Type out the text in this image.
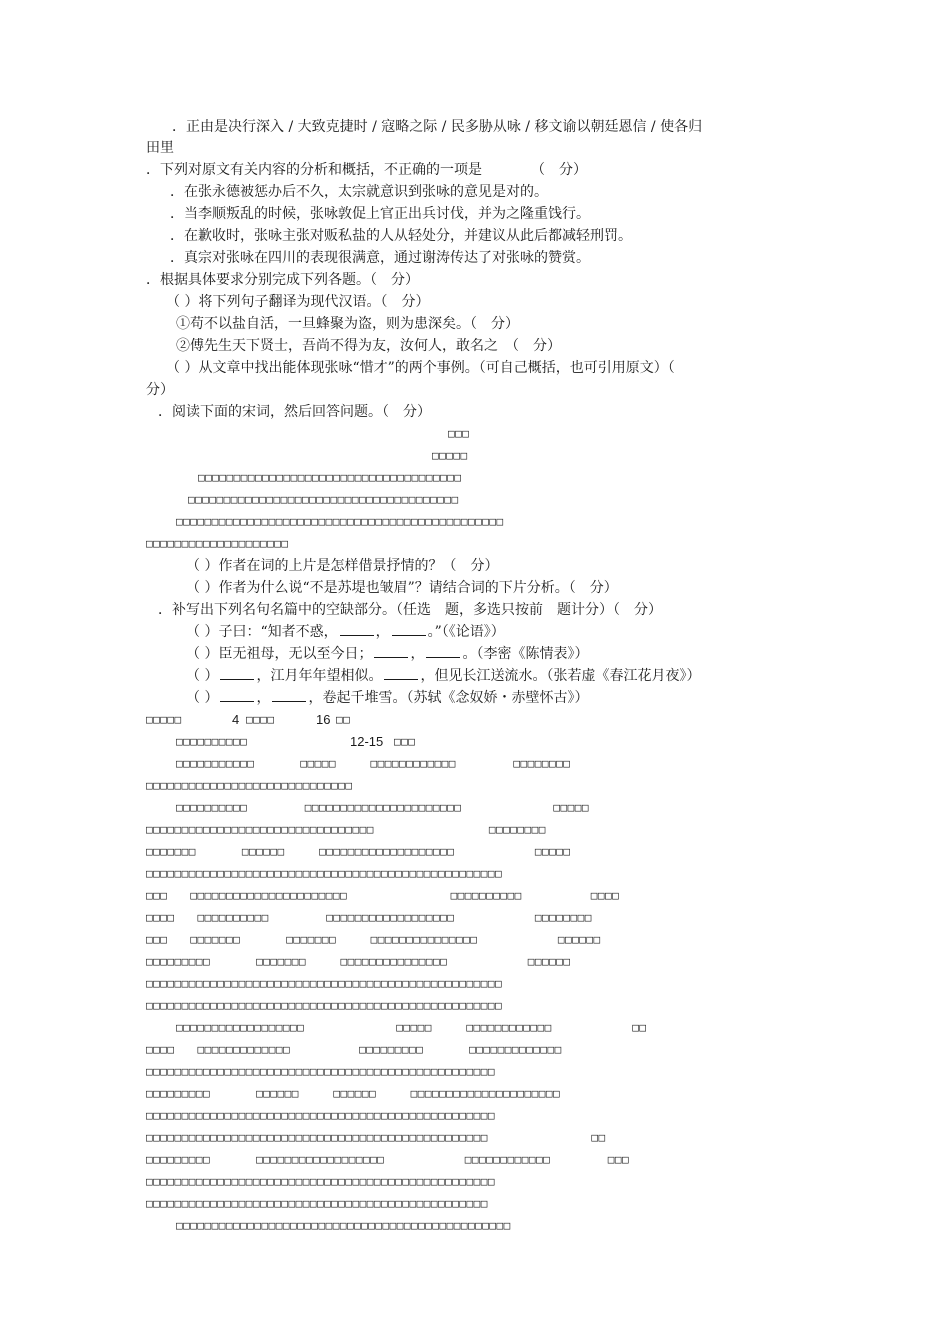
．正由是决行深入 / 大致克捷时 / 寇略之际 / 民多胁从咏 / 移文谕以朝廷恩信 / 使各归
田里
．下列对原文有关内容的分析和概括，不正确的一项是　　　　（　分）
．在张永德被惩办后不久，太宗就意识到张咏的意见是对的。
．当李顺叛乱的时候，张咏敦促上官正出兵讨伐，并为之隆重饯行。
．在歉收时，张咏主张对贩私盐的人从轻处分，并建议从此后都减轻刑罚。
．真宗对张咏在四川的表现很满意，通过谢涛传达了对张咏的赞赏。
．根据具体要求分别完成下列各题。（　分）
（ ）将下列句子翻译为现代汉语。（　分）
①苟不以盐自活，一旦蜂聚为盗，则为患深矣。（　分）
②傅先生天下贤士，吾尚不得为友，汝何人，敢名之　（　分）
（ ）从文章中找出能体现张咏“惜才”的两个事例。（可自己概括，也可引用原文）（
分）
．阅读下面的宋词，然后回答问题。（　分）
□□□
□□□□□
□□□□□□□□□□□□□□□□□□□□□□□□□□□□□□□□□□□□□
□□□□□□□□□□□□□□□□□□□□□□□□□□□□□□□□□□□□□□
□□□□□□□□□□□□□□□□□□□□□□□□□□□□□□□□□□□□□□□□□□□□□□
□□□□□□□□□□□□□□□□□□□□
（ ）作者在词的上片是怎样借景抒情的？（　分）
（ ）作者为什么说“不是苏堤也皱眉”？请结合词的下片分析。（　分）
．补写出下列名句名篇中的空缺部分。（任选　题，多选只按前　题计分）（　分）
（ ）子曰：“知者不惑，	，	。”（《论语》）
（ ）臣无祖母，无以至今日；	，	。（李密《陈情表》）
（ ）	，江月年年望相似。	，但见长江送流水。（张若虚《春江花月夜》）
（ ）	，	，卷起千堆雪。（苏轼《念奴娇・赤壁怀古》）
□□□□□	4 □□□□	16 □□
□□□□□□□□□□	12-15 □□□
□□□□□□□□□□□　　　　□□□□□　　　□□□□□□□□□□□□　　　　　□□□□□□□□
□□□□□□□□□□□□□□□□□□□□□□□□□□□□□
□□□□□□□□□□　　　　　□□□□□□□□□□□□□□□□□□□□□□　　　　　　　　□□□□□
□□□□□□□□□□□□□□□□□□□□□□□□□□□□□□□□　　　　　　　　　　□□□□□□□□
□□□□□□□　　　　□□□□□□　　　□□□□□□□□□□□□□□□□□□□　　　　　　　□□□□□
□□□□□□□□□□□□□□□□□□□□□□□□□□□□□□□□□□□□□□□□□□□□□□□□□□
□□□　　□□□□□□□□□□□□□□□□□□□□□□　　　　　　　　　□□□□□□□□□□　　　　　　□□□□
□□□□　　□□□□□□□□□□　　　　　□□□□□□□□□□□□□□□□□□　　　　　　　□□□□□□□□
□□□　　□□□□□□□　　　　□□□□□□□　　　□□□□□□□□□□□□□□□　　　　　　　□□□□□□
□□□□□□□□□　　　　□□□□□□□　　　□□□□□□□□□□□□□□□　　　　　　　□□□□□□
□□□□□□□□□□□□□□□□□□□□□□□□□□□□□□□□□□□□□□□□□□□□□□□□□□
□□□□□□□□□□□□□□□□□□□□□□□□□□□□□□□□□□□□□□□□□□□□□□□□□□
□□□□□□□□□□□□□□□□□□　　　　　　　　□□□□□　　　□□□□□□□□□□□□　　　　　　　□□
□□□□　　□□□□□□□□□□□□□　　　　　　□□□□□□□□□　　　　□□□□□□□□□□□□□
□□□□□□□□□□□□□□□□□□□□□□□□□□□□□□□□□□□□□□□□□□□□□□□□□
□□□□□□□□□　　　　□□□□□□　　　□□□□□□　　　□□□□□□□□□□□□□□□□□□□□□
□□□□□□□□□□□□□□□□□□□□□□□□□□□□□□□□□□□□□□□□□□□□□□□□□
□□□□□□□□□□□□□□□□□□□□□□□□□□□□□□□□□□□□□□□□□□□□□□□□　　　　　　　　　□□
□□□□□□□□□　　　　□□□□□□□□□□□□□□□□□□　　　　　　　□□□□□□□□□□□□　　　　　□□□
□□□□□□□□□□□□□□□□□□□□□□□□□□□□□□□□□□□□□□□□□□□□□□□□□
□□□□□□□□□□□□□□□□□□□□□□□□□□□□□□□□□□□□□□□□□□□□□□□□
□□□□□□□□□□□□□□□□□□□□□□□□□□□□□□□□□□□□□□□□□□□□□□□
